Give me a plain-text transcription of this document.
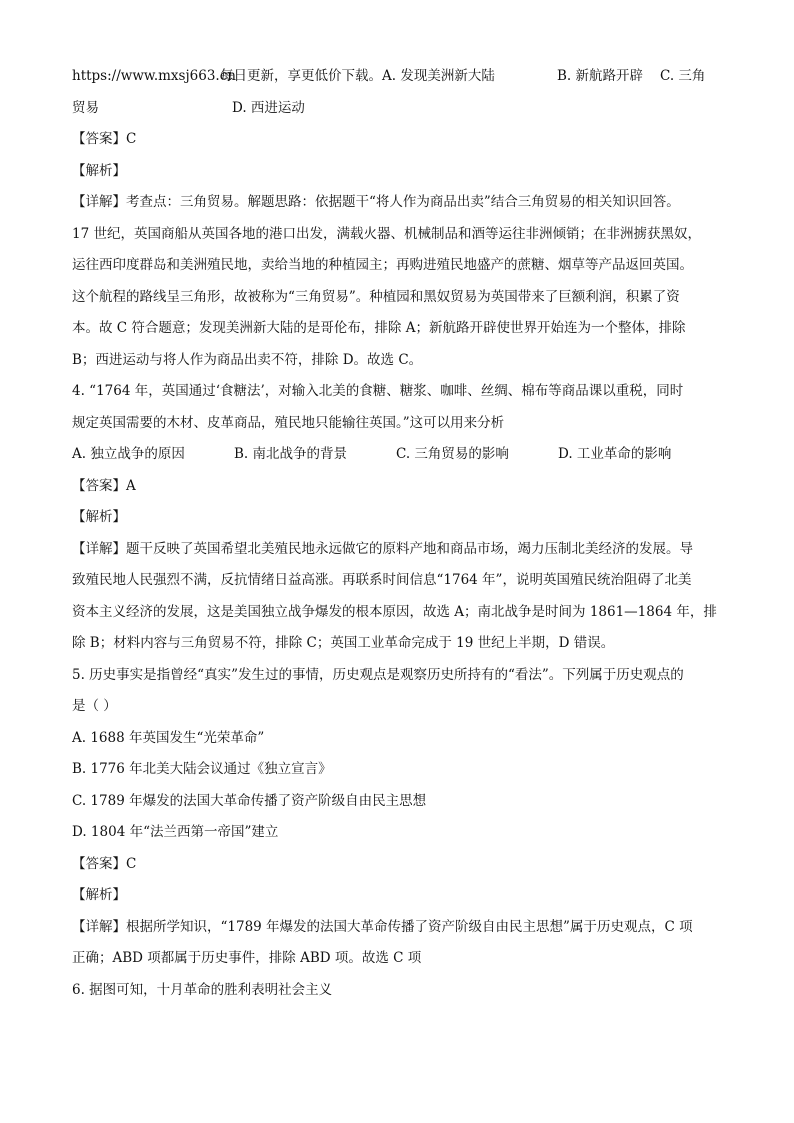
https://www.mxsj663.cn
每日更新，享更低价下载。A. 发现美洲新大陆	B. 新航路开辟 C. 三角
贸易	D. 西进运动
【答案】C
【解析】
【详解】考查点：三角贸易。解题思路：依据题干“将人作为商品出卖”结合三角贸易的相关知识回答。
17 世纪，英国商船从英国各地的港口出发，满载火器、机械制品和酒等运往非洲倾销；在非洲掳获黑奴，
运往西印度群岛和美洲殖民地，卖给当地的种植园主；再购进殖民地盛产的蔗糖、烟草等产品返回英国。
这个航程的路线呈三角形，故被称为“三角贸易”。种植园和黑奴贸易为英国带来了巨额利润，积累了资
本。故 C 符合题意；发现美洲新大陆的是哥伦布，排除 A；新航路开辟使世界开始连为一个整体，排除
B；西进运动与将人作为商品出卖不符，排除 D。故选 C。
4. “1764 年，英国通过‘食糖法’，对输入北美的食糖、糖浆、咖啡、丝绸、棉布等商品课以重税，同时
规定英国需要的木材、皮革商品，殖民地只能输往英国。”这可以用来分析
A. 独立战争的原因	B. 南北战争的背景	C. 三角贸易的影响	D. 工业革命的影响
【答案】A
【解析】
【详解】题干反映了英国希望北美殖民地永远做它的原料产地和商品市场，竭力压制北美经济的发展。导
致殖民地人民强烈不满，反抗情绪日益高涨。再联系时间信息“1764 年”，说明英国殖民统治阻碍了北美
资本主义经济的发展，这是美国独立战争爆发的根本原因，故选 A；南北战争是时间为 1861—1864 年，排
除 B；材料内容与三角贸易不符，排除 C；英国工业革命完成于 19 世纪上半期，D 错误。
5. 历史事实是指曾经“真实”发生过的事情，历史观点是观察历史所持有的“看法”。下列属于历史观点的
是（ ）
A. 1688 年英国发生“光荣革命”
B. 1776 年北美大陆会议通过《独立宣言》
C. 1789 年爆发的法国大革命传播了资产阶级自由民主思想
D. 1804 年“法兰西第一帝国”建立
【答案】C
【解析】
【详解】根据所学知识，“1789 年爆发的法国大革命传播了资产阶级自由民主思想”属于历史观点，C 项
正确；ABD 项都属于历史事件，排除 ABD 项。故选 C 项
6. 据图可知，十月革命的胜利表明社会主义
